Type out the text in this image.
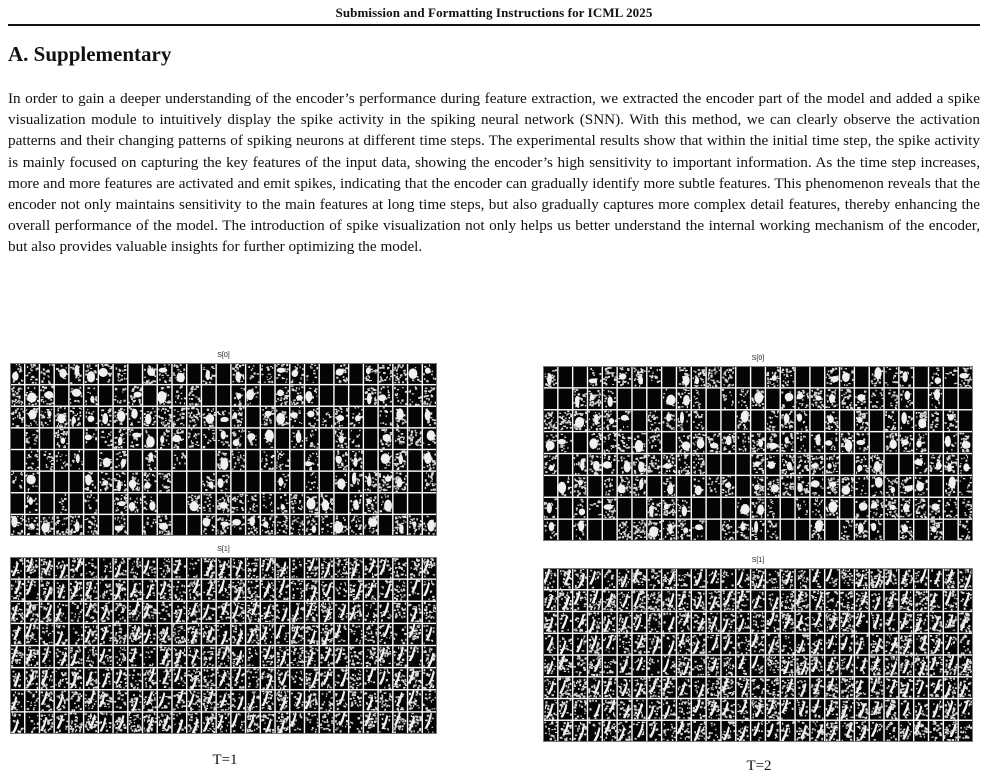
Submission and Formatting Instructions for ICML 2025
A. Supplementary

In order to gain a deeper understanding of the encoder’s performance during feature extraction, we extracted the encoder part of the model and added a spike visualization module to intuitively display the spike activity in the spiking neural network (SNN). With this method, we can clearly observe the activation patterns and their changing patterns of spiking neurons at different time steps. The experimental results show that within the initial time step, the spike activity is mainly focused on capturing the key features of the input data, showing the encoder’s high sensitivity to important information. As the time step increases, more and more features are activated and emit spikes, indicating that the encoder can gradually identify more subtle features. This phenomenon reveals that the encoder not only maintains sensitivity to the main features at long time steps, but also gradually captures more complex detail features, thereby enhancing the overall performance of the model. The introduction of spike visualization not only helps us better understand the internal working mechanism of the encoder, but also provides valuable insights for further optimizing the model.

S[0]
S[1]
T=1
S[0]
S[1]
T=2
